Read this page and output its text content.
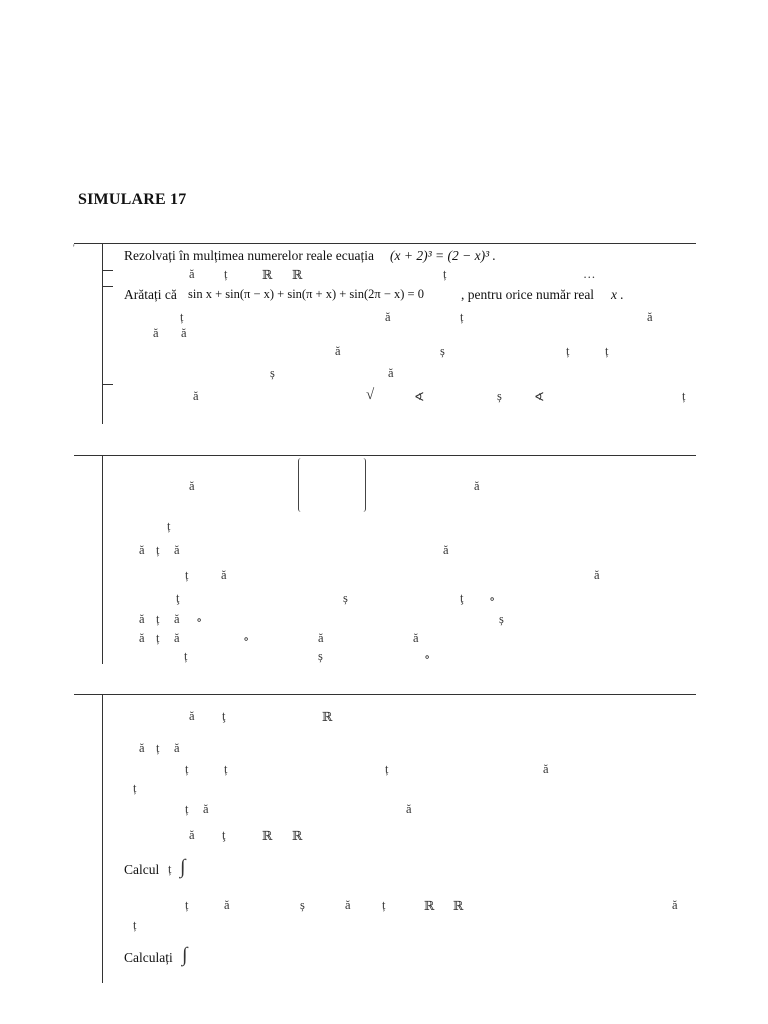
SIMULARE 17
'	Rezolvați în mulțimea numerelor reale ecuația (x + 2)³ = (2 − x)³ .
ă ț	ℝ ℝ	ț	…
Arătați că sin x + sin(π − x) + sin(π + x) + sin(2π − x) = 0	, pentru orice număr real x .
ț	ă	ț	ă
ă ă
ă	ș	ț	ț
ș	ă
ă	√	∢	ș	∢	ț
ă	ă
ț
ă ț ă	ă
ț	ă	ă
ţ	ș	ţ ∘
ă ț ă ∘	ș
ă ț ă	∘	ă	ă
ț	ș	∘
ă ţ	ℝ
ă ț ă
ț	ț	ț	ă
ț
ț ă	ă
ă ţ	ℝ ℝ
Calcul ț ∫
ț	ă	ș	ă	ț	ℝ ℝ	ă
ț
Calculați ∫
